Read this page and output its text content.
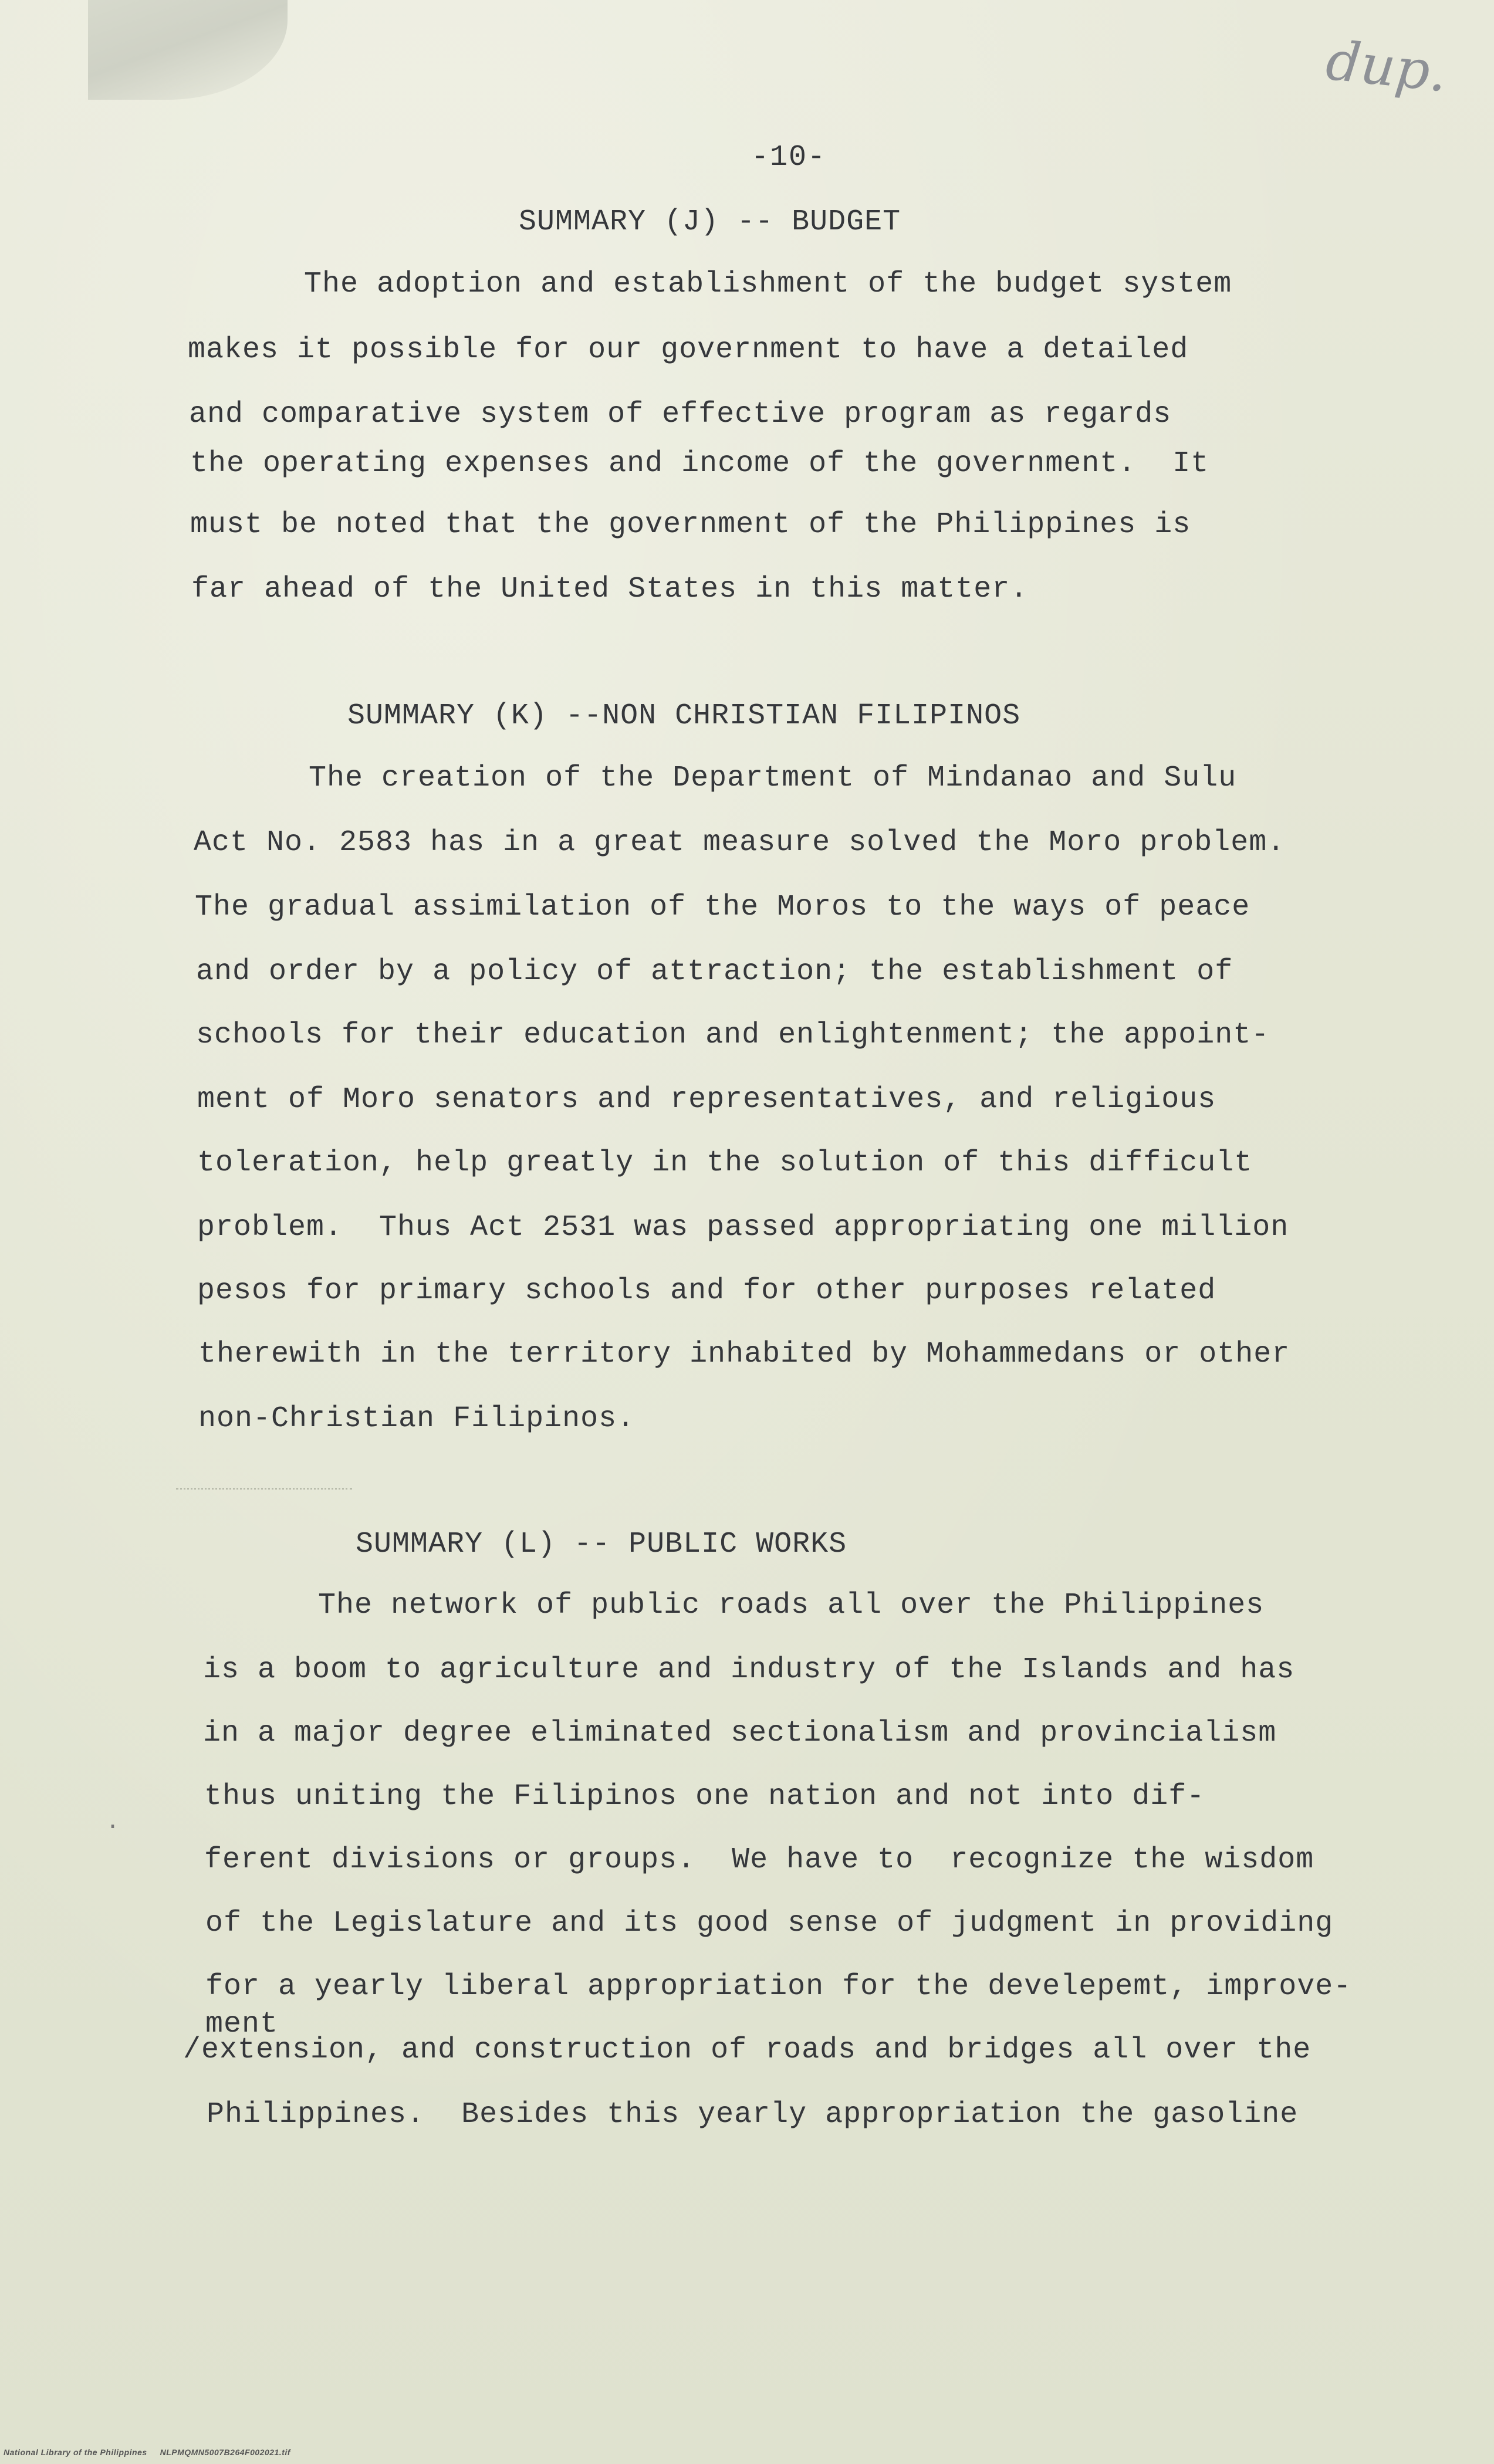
dup.
-10-
SUMMARY (J) -- BUDGET
The adoption and establishment of the budget system
makes it possible for our government to have a detailed
and comparative system of effective program as regards
the operating expenses and income of the government.  It
must be noted that the government of the Philippines is
far ahead of the United States in this matter.
SUMMARY (K) --NON CHRISTIAN FILIPINOS
The creation of the Department of Mindanao and Sulu
Act No. 2583 has in a great measure solved the Moro problem.
The gradual assimilation of the Moros to the ways of peace
and order by a policy of attraction; the establishment of
schools for their education and enlightenment; the appoint-
ment of Moro senators and representatives, and religious
toleration, help greatly in the solution of this difficult
problem.  Thus Act 2531 was passed appropriating one million
pesos for primary schools and for other purposes related
therewith in the territory inhabited by Mohammedans or other
non-Christian Filipinos.
SUMMARY (L) -- PUBLIC WORKS
The network of public roads all over the Philippines
is a boom to agriculture and industry of the Islands and has
in a major degree eliminated sectionalism and provincialism
thus uniting the Filipinos one nation and not into dif-
ferent divisions or groups.  We have to  recognize the wisdom
of the Legislature and its good sense of judgment in providing
for a yearly liberal appropriation for the develepemt, improve-
ment
/extension, and construction of roads and bridges all over the
Philippines.  Besides this yearly appropriation the gasoline
·
National Library of the Philippines NLPMQMN5007B264F002021.tif
